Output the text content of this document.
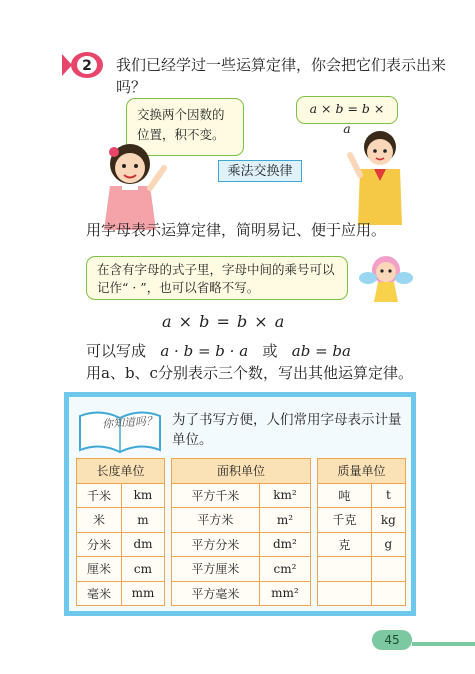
2 我们已经学过一些运算定律，你会把它们表示出来吗？
交换两个因数的位置，积不变。
a × b = b × a
乘法交换律
用字母表示运算定律，简明易记、便于应用。
在含有字母的式子里，字母中间的乘号可以记作“ · ”，也可以省略不写。
a × b = b × a
可以写成 a · b = b · a 或 ab = ba
用a、b、c分别表示三个数，写出其他运算定律。
你知道吗？ 为了书写方便，人们常用字母表示计量单位。
长度单位			面积单位			质量单位	
千米	km		平方千米	km²		吨	t
米	m		平方米	m²		千克	kg
分米	dm		平方分米	dm²		克	g
厘米	cm		平方厘米	cm²			
毫米	mm		平方毫米	mm²			
45
